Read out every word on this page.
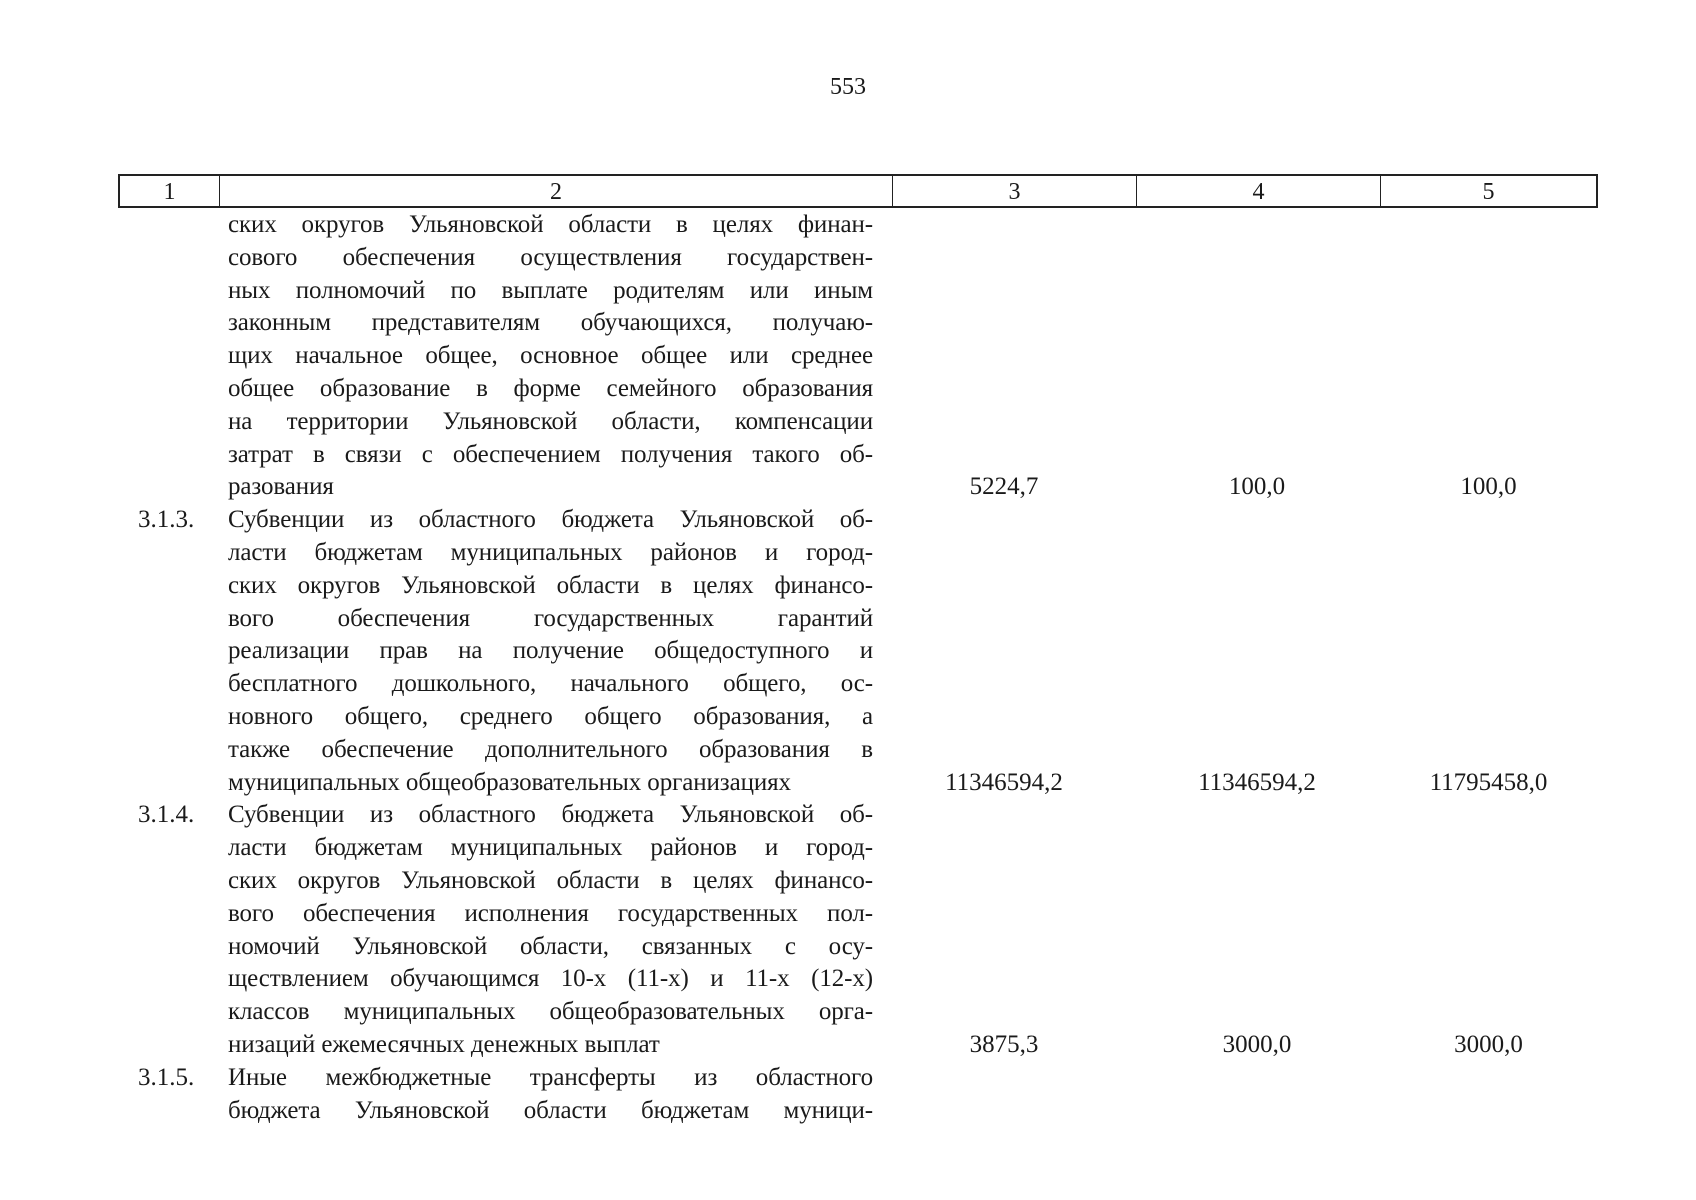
553
1	2	3	4	5
ских округов Ульяновской области в целях финан-
сового обеспечения осуществления государствен-
ных полномочий по выплате родителям или иным
законным представителям обучающихся, получаю-
щих начальное общее, основное общее или среднее
общее образование в форме семейного образования
на территории Ульяновской области, компенсации
затрат в связи с обеспечением получения такого об-
разования	5224,7	100,0	100,0
3.1.3.	Субвенции из областного бюджета Ульяновской об-
ласти бюджетам муниципальных районов и город-
ских округов Ульяновской области в целях финансо-
вого обеспечения государственных гарантий
реализации прав на получение общедоступного и
бесплатного дошкольного, начального общего, ос-
новного общего, среднего общего образования, а
также обеспечение дополнительного образования в
муниципальных общеобразовательных организациях	11346594,2	11346594,2	11795458,0
3.1.4.	Субвенции из областного бюджета Ульяновской об-
ласти бюджетам муниципальных районов и город-
ских округов Ульяновской области в целях финансо-
вого обеспечения исполнения государственных пол-
номочий Ульяновской области, связанных с осу-
ществлением обучающимся 10-х (11-х) и 11-х (12-х)
классов муниципальных общеобразовательных орга-
низаций ежемесячных денежных выплат	3875,3	3000,0	3000,0
3.1.5.	Иные межбюджетные трансферты из областного
бюджета Ульяновской области бюджетам муници-
